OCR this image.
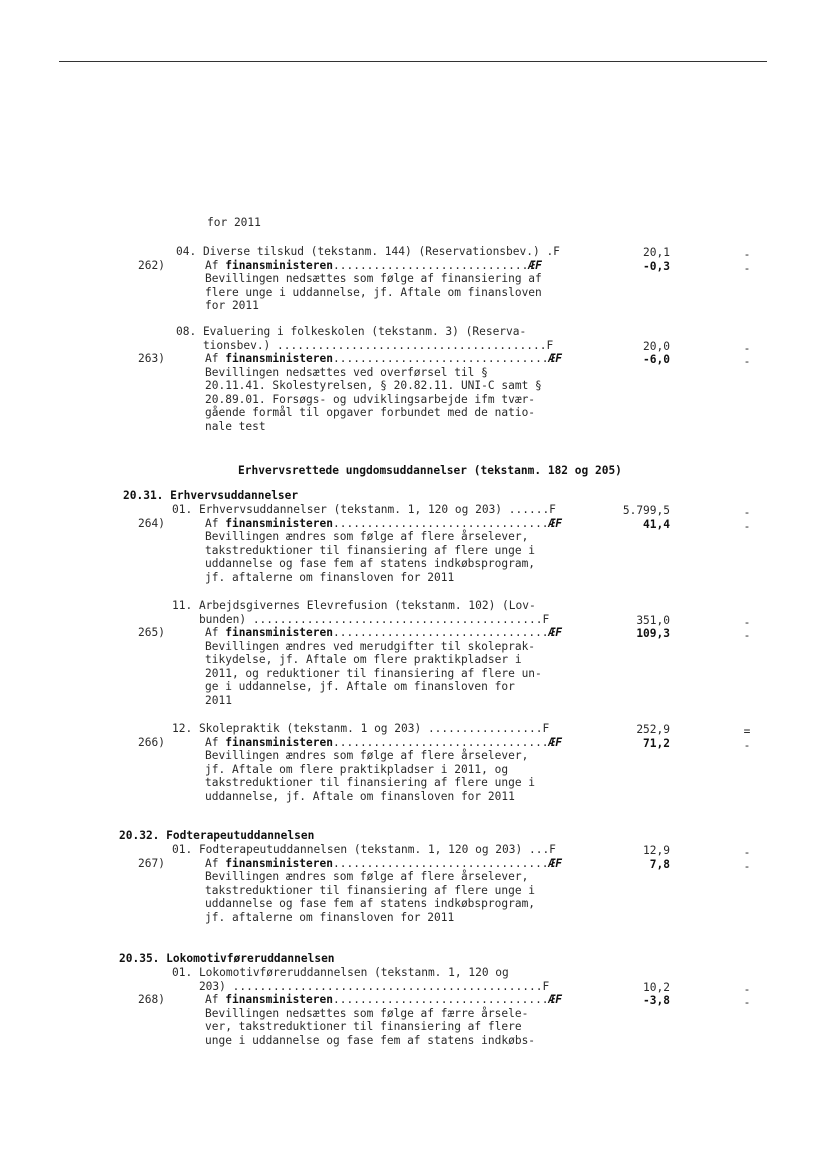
for 2011
04. Diverse tilskud (tekstanm. 144) (Reservationsbev.) .F	20,1	-
262)	Af finansministeren.............................ÆF	-0,3	-
Bevillingen nedsættes som følge af finansiering af
flere unge i uddannelse, jf. Aftale om finansloven
for 2011
08. Evaluering i folkeskolen (tekstanm. 3) (Reserva-
tionsbev.) ........................................F	20,0	-
263)	Af finansministeren................................ÆF	-6,0	-
Bevillingen nedsættes ved overførsel til §
20.11.41. Skolestyrelsen, § 20.82.11. UNI-C samt §
20.89.01. Forsøgs- og udviklingsarbejde ifm tvær-
gående formål til opgaver forbundet med de natio-
nale test
Erhvervsrettede ungdomsuddannelser (tekstanm. 182 og 205)
20.31. Erhvervsuddannelser
01. Erhvervsuddannelser (tekstanm. 1, 120 og 203) ......F	5.799,5	-
264)	Af finansministeren................................ÆF	41,4	-
Bevillingen ændres som følge af flere årselever,
takstreduktioner til finansiering af flere unge i
uddannelse og fase fem af statens indkøbsprogram,
jf. aftalerne om finansloven for 2011
11. Arbejdsgivernes Elevrefusion (tekstanm. 102) (Lov-
bunden) ...........................................F	351,0	-
265)	Af finansministeren................................ÆF	109,3	-
Bevillingen ændres ved merudgifter til skoleprak-
tikydelse, jf. Aftale om flere praktikpladser i
2011, og reduktioner til finansiering af flere un-
ge i uddannelse, jf. Aftale om finansloven for
2011
12. Skolepraktik (tekstanm. 1 og 203) .................F	252,9	=
266)	Af finansministeren................................ÆF	71,2	-
Bevillingen ændres som følge af flere årselever,
jf. Aftale om flere praktikpladser i 2011, og
takstreduktioner til finansiering af flere unge i
uddannelse, jf. Aftale om finansloven for 2011
20.32. Fodterapeutuddannelsen
01. Fodterapeutuddannelsen (tekstanm. 1, 120 og 203) ...F	12,9	-
267)	Af finansministeren................................ÆF	7,8	-
Bevillingen ændres som følge af flere årselever,
takstreduktioner til finansiering af flere unge i
uddannelse og fase fem af statens indkøbsprogram,
jf. aftalerne om finansloven for 2011
20.35. Lokomotivføreruddannelsen
01. Lokomotivføreruddannelsen (tekstanm. 1, 120 og
203) ..............................................F	10,2	-
268)	Af finansministeren................................ÆF	-3,8	-
Bevillingen nedsættes som følge af færre årsele-
ver, takstreduktioner til finansiering af flere
unge i uddannelse og fase fem af statens indkøbs-
